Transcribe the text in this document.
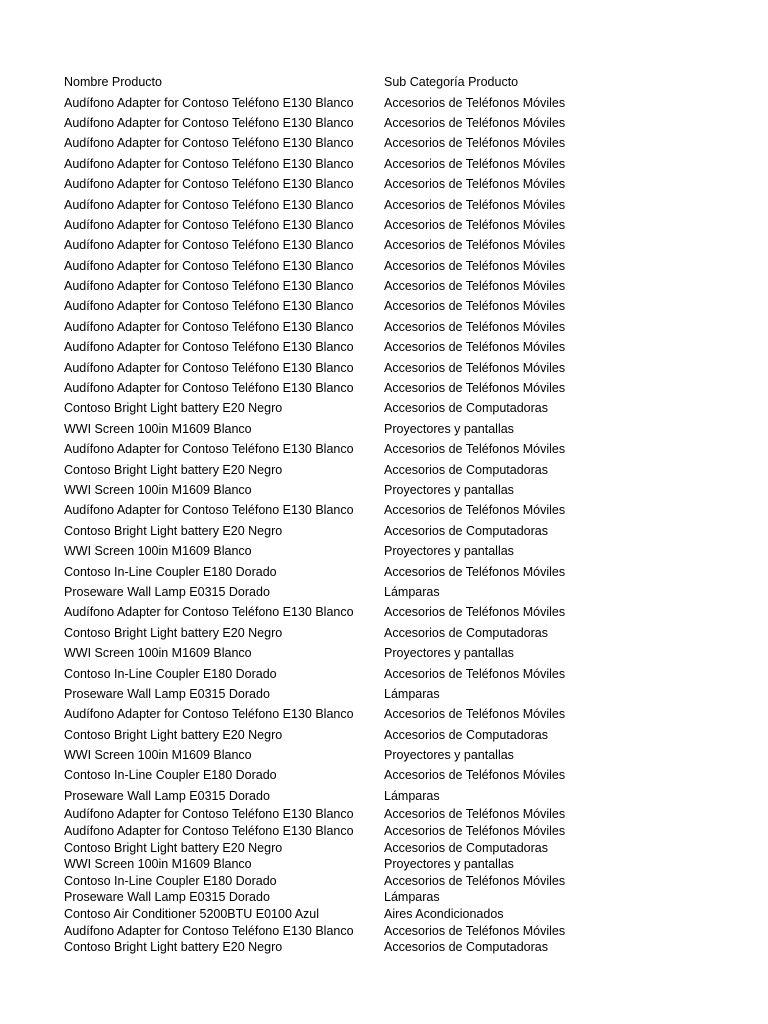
Nombre Producto	Sub Categoría Producto
Audífono Adapter for Contoso Teléfono E130 Blanco	Accesorios de Teléfonos Móviles
Audífono Adapter for Contoso Teléfono E130 Blanco	Accesorios de Teléfonos Móviles
Audífono Adapter for Contoso Teléfono E130 Blanco	Accesorios de Teléfonos Móviles
Audífono Adapter for Contoso Teléfono E130 Blanco	Accesorios de Teléfonos Móviles
Audífono Adapter for Contoso Teléfono E130 Blanco	Accesorios de Teléfonos Móviles
Audífono Adapter for Contoso Teléfono E130 Blanco	Accesorios de Teléfonos Móviles
Audífono Adapter for Contoso Teléfono E130 Blanco	Accesorios de Teléfonos Móviles
Audífono Adapter for Contoso Teléfono E130 Blanco	Accesorios de Teléfonos Móviles
Audífono Adapter for Contoso Teléfono E130 Blanco	Accesorios de Teléfonos Móviles
Audífono Adapter for Contoso Teléfono E130 Blanco	Accesorios de Teléfonos Móviles
Audífono Adapter for Contoso Teléfono E130 Blanco	Accesorios de Teléfonos Móviles
Audífono Adapter for Contoso Teléfono E130 Blanco	Accesorios de Teléfonos Móviles
Audífono Adapter for Contoso Teléfono E130 Blanco	Accesorios de Teléfonos Móviles
Audífono Adapter for Contoso Teléfono E130 Blanco	Accesorios de Teléfonos Móviles
Audífono Adapter for Contoso Teléfono E130 Blanco	Accesorios de Teléfonos Móviles
Contoso Bright Light battery E20 Negro	Accesorios de Computadoras
WWI Screen 100in M1609 Blanco	Proyectores y pantallas
Audífono Adapter for Contoso Teléfono E130 Blanco	Accesorios de Teléfonos Móviles
Contoso Bright Light battery E20 Negro	Accesorios de Computadoras
WWI Screen 100in M1609 Blanco	Proyectores y pantallas
Audífono Adapter for Contoso Teléfono E130 Blanco	Accesorios de Teléfonos Móviles
Contoso Bright Light battery E20 Negro	Accesorios de Computadoras
WWI Screen 100in M1609 Blanco	Proyectores y pantallas
Contoso In-Line Coupler E180 Dorado	Accesorios de Teléfonos Móviles
Proseware Wall Lamp E0315 Dorado	Lámparas
Audífono Adapter for Contoso Teléfono E130 Blanco	Accesorios de Teléfonos Móviles
Contoso Bright Light battery E20 Negro	Accesorios de Computadoras
WWI Screen 100in M1609 Blanco	Proyectores y pantallas
Contoso In-Line Coupler E180 Dorado	Accesorios de Teléfonos Móviles
Proseware Wall Lamp E0315 Dorado	Lámparas
Audífono Adapter for Contoso Teléfono E130 Blanco	Accesorios de Teléfonos Móviles
Contoso Bright Light battery E20 Negro	Accesorios de Computadoras
WWI Screen 100in M1609 Blanco	Proyectores y pantallas
Contoso In-Line Coupler E180 Dorado	Accesorios de Teléfonos Móviles
Proseware Wall Lamp E0315 Dorado	Lámparas
Audífono Adapter for Contoso Teléfono E130 Blanco	Accesorios de Teléfonos Móviles
Audífono Adapter for Contoso Teléfono E130 Blanco	Accesorios de Teléfonos Móviles
Contoso Bright Light battery E20 Negro	Accesorios de Computadoras
WWI Screen 100in M1609 Blanco	Proyectores y pantallas
Contoso In-Line Coupler E180 Dorado	Accesorios de Teléfonos Móviles
Proseware Wall Lamp E0315 Dorado	Lámparas
Contoso Air Conditioner 5200BTU E0100 Azul	Aires Acondicionados
Audífono Adapter for Contoso Teléfono E130 Blanco	Accesorios de Teléfonos Móviles
Contoso Bright Light battery E20 Negro	Accesorios de Computadoras
